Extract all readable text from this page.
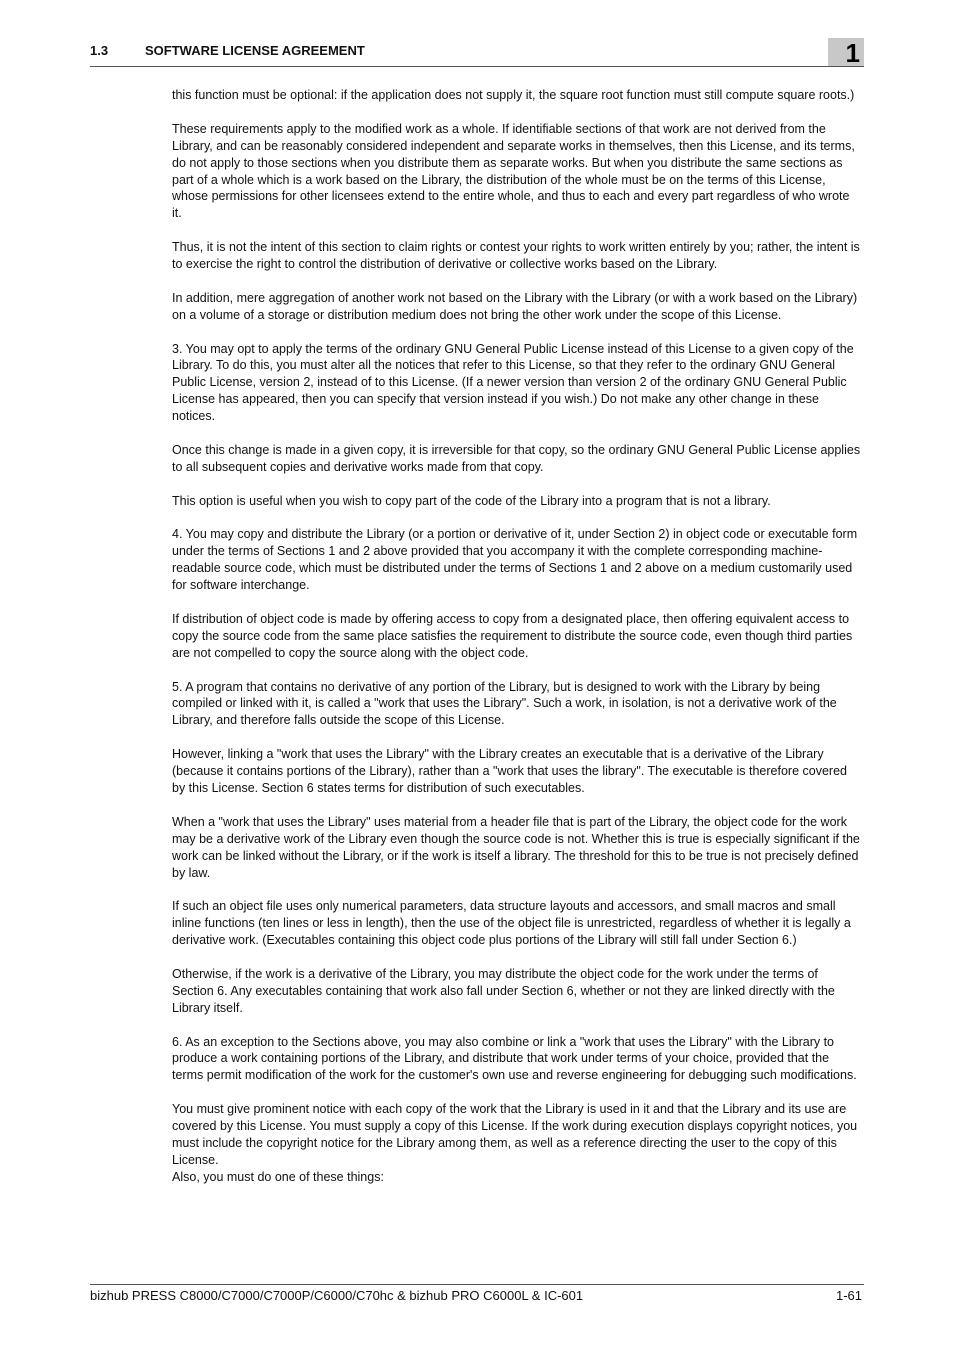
1.3	SOFTWARE LICENSE AGREEMENT	1

this function must be optional: if the application does not supply it, the square root function must still compute square roots.)

These requirements apply to the modified work as a whole. If identifiable sections of that work are not derived from the Library, and can be reasonably considered independent and separate works in themselves, then this License, and its terms, do not apply to those sections when you distribute them as separate works. But when you distribute the same sections as part of a whole which is a work based on the Library, the distribution of the whole must be on the terms of this License, whose permissions for other licensees extend to the entire whole, and thus to each and every part regardless of who wrote it.

Thus, it is not the intent of this section to claim rights or contest your rights to work written entirely by you; rather, the intent is to exercise the right to control the distribution of derivative or collective works based on the Library.

In addition, mere aggregation of another work not based on the Library with the Library (or with a work based on the Library) on a volume of a storage or distribution medium does not bring the other work under the scope of this License.

3. You may opt to apply the terms of the ordinary GNU General Public License instead of this License to a given copy of the Library. To do this, you must alter all the notices that refer to this License, so that they refer to the ordinary GNU General Public License, version 2, instead of to this License. (If a newer version than version 2 of the ordinary GNU General Public License has appeared, then you can specify that version instead if you wish.) Do not make any other change in these notices.

Once this change is made in a given copy, it is irreversible for that copy, so the ordinary GNU General Public License applies to all subsequent copies and derivative works made from that copy.

This option is useful when you wish to copy part of the code of the Library into a program that is not a library.

4. You may copy and distribute the Library (or a portion or derivative of it, under Section 2) in object code or executable form under the terms of Sections 1 and 2 above provided that you accompany it with the complete corresponding machine-readable source code, which must be distributed under the terms of Sections 1 and 2 above on a medium customarily used for software interchange.

If distribution of object code is made by offering access to copy from a designated place, then offering equivalent access to copy the source code from the same place satisfies the requirement to distribute the source code, even though third parties are not compelled to copy the source along with the object code.

5. A program that contains no derivative of any portion of the Library, but is designed to work with the Library by being compiled or linked with it, is called a "work that uses the Library". Such a work, in isolation, is not a derivative work of the Library, and therefore falls outside the scope of this License.

However, linking a "work that uses the Library" with the Library creates an executable that is a derivative of the Library (because it contains portions of the Library), rather than a "work that uses the library". The executable is therefore covered by this License. Section 6 states terms for distribution of such executables.

When a "work that uses the Library" uses material from a header file that is part of the Library, the object code for the work may be a derivative work of the Library even though the source code is not. Whether this is true is especially significant if the work can be linked without the Library, or if the work is itself a library. The threshold for this to be true is not precisely defined by law.

If such an object file uses only numerical parameters, data structure layouts and accessors, and small macros and small inline functions (ten lines or less in length), then the use of the object file is unrestricted, regardless of whether it is legally a derivative work. (Executables containing this object code plus portions of the Library will still fall under Section 6.)

Otherwise, if the work is a derivative of the Library, you may distribute the object code for the work under the terms of Section 6. Any executables containing that work also fall under Section 6, whether or not they are linked directly with the Library itself.

6. As an exception to the Sections above, you may also combine or link a "work that uses the Library" with the Library to produce a work containing portions of the Library, and distribute that work under terms of your choice, provided that the terms permit modification of the work for the customer's own use and reverse engineering for debugging such modifications.

You must give prominent notice with each copy of the work that the Library is used in it and that the Library and its use are covered by this License. You must supply a copy of this License. If the work during execution displays copyright notices, you must include the copyright notice for the Library among them, as well as a reference directing the user to the copy of this License.

Also, you must do one of these things:

bizhub PRESS C8000/C7000/C7000P/C6000/C70hc & bizhub PRO C6000L & IC-601	1-61
